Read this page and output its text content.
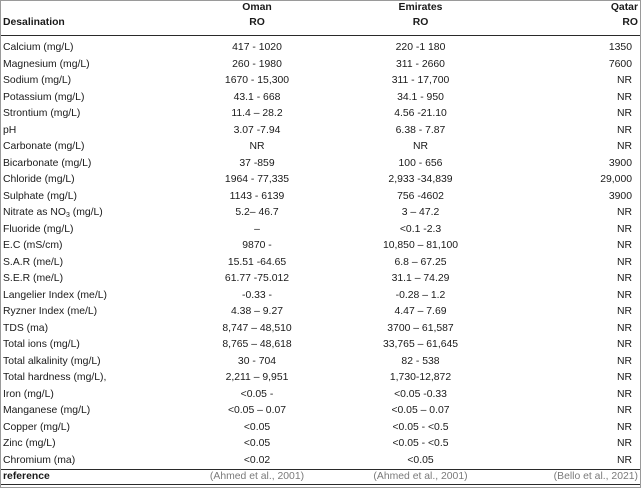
	Oman	Emirates	Qatar
Desalination	RO	RO	RO
Calcium (mg/L)	417 - 1020	220 -1 180	1350
Magnesium (mg/L)	260 - 1980	311 - 2660	7600
Sodium (mg/L)	1670 - 15,300	311 - 17,700	NR
Potassium (mg/L)	43.1 - 668	34.1 - 950	NR
Strontium (mg/L)	11.4 – 28.2	4.56 -21.10	NR
pH	3.07 -7.94	6.38 - 7.87	NR
Carbonate (mg/L)	NR	NR	NR
Bicarbonate (mg/L)	37 -859	100 - 656	3900
Chloride (mg/L)	1964 - 77,335	2,933 -34,839	29,000
Sulphate (mg/L)	1143 - 6139	756 -4602	3900
Nitrate as $NO_3$ (mg/L)	5.2– 46.7	3 – 47.2	NR
Fluoride (mg/L)	–	<0.1 -2.3	NR
E.C (mS/cm)	9870 -	10,850 – 81,100	NR
S.A.R (me/L)	15.51 -64.65	6.8 – 67.25	NR
S.E.R (me/L)	61.77 -75.012	31.1 – 74.29	NR
Langelier Index (me/L)	-0.33 -	-0.28 – 1.2	NR
Ryzner Index (me/L)	4.38 – 9.27	4.47 – 7.69	NR
TDS (ma)	8,747 – 48,510	3700 – 61,587	NR
Total ions (mg/L)	8,765 – 48,618	33,765 – 61,645	NR
Total alkalinity (mg/L)	30 - 704	82 - 538	NR
Total hardness (mg/L),	2,211 – 9,951	1,730-12,872	NR
Iron (mg/L)	<0.05 -	<0.05 -0.33	NR
Manganese (mg/L)	<0.05 – 0.07	<0.05 – 0.07	NR
Copper (mg/L)	<0.05	<0.05 - <0.5	NR
Zinc (mg/L)	<0.05	<0.05 - <0.5	NR
Chromium (ma)	<0.02	<0.05	NR
reference	(Ahmed et al., 2001)	(Ahmed et al., 2001)	(Bello et al., 2021)
